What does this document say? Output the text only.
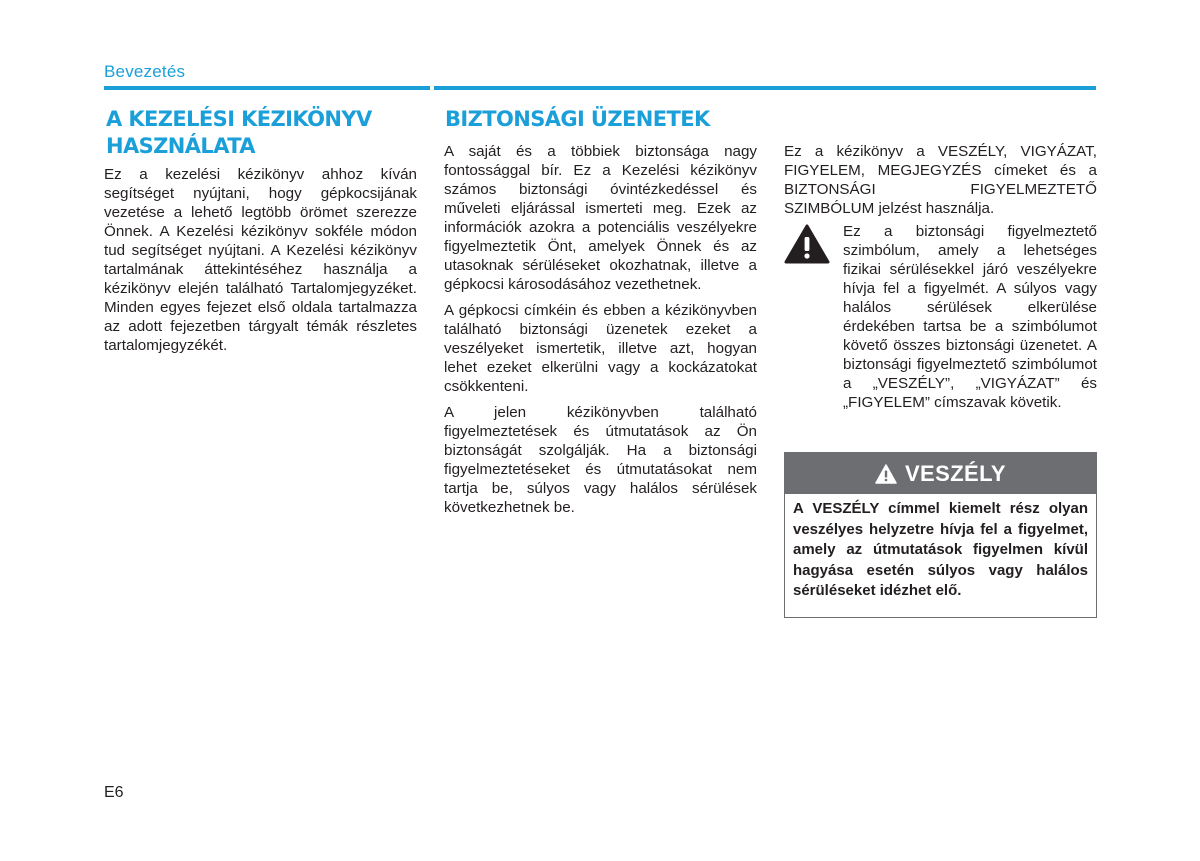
Bevezetés
A KEZELÉSI KÉZIKÖNYV HASZNÁLATA

Ez a kezelési kézikönyv ahhoz kíván segítséget nyújtani, hogy gépkocsijának vezetése a lehető legtöbb örömet szerezze Önnek. A Kezelési kézikönyv sokféle módon tud segítséget nyújtani. A Kezelési kézikönyv tartalmának áttekintéséhez használja a kézikönyv elején található Tartalomjegyzéket. Minden egyes fejezet első oldala tartalmazza az adott fejezetben tárgyalt témák részletes tartalomjegyzékét.

BIZTONSÁGI ÜZENETEK

A saját és a többiek biztonsága nagy fontossággal bír. Ez a Kezelési kézikönyv számos biztonsági óvintézkedéssel és műveleti eljárással ismerteti meg. Ezek az információk azokra a potenciális veszélyekre figyelmeztetik Önt, amelyek Önnek és az utasoknak sérüléseket okozhatnak, illetve a gépkocsi károsodásához vezethetnek.

A gépkocsi címkéin és ebben a kézikönyvben található biztonsági üzenetek ezeket a veszélyeket ismertetik, illetve azt, hogyan lehet ezeket elkerülni vagy a kockázatokat csökkenteni.

A jelen kézikönyvben található figyelmeztetések és útmutatások az Ön biztonságát szolgálják. Ha a biztonsági figyelmeztetéseket és útmutatásokat nem tartja be, súlyos vagy halálos sérülések következhetnek be.

Ez a kézikönyv a VESZÉLY, VIGYÁZAT, FIGYELEM, MEGJEGYZÉS címeket és a BIZTONSÁGI FIGYELMEZTETŐ SZIMBÓLUM jelzést használja.

Ez a biztonsági figyelmeztető szimbólum, amely a lehetséges fizikai sérülésekkel járó veszélyekre hívja fel a figyelmét. A súlyos vagy halálos sérülések elkerülése érdekében tartsa be a szimbólumot követő összes biztonsági üzenetet. A biztonsági figyelmeztető szimbólumot a „VESZÉLY”, „VIGYÁZAT” és „FIGYELEM” címszavak követik.
VESZÉLY
A VESZÉLY címmel kiemelt rész olyan veszélyes helyzetre hívja fel a figyelmet, amely az útmutatások figyelmen kívül hagyása esetén súlyos vagy halálos sérüléseket idézhet elő.
E6
